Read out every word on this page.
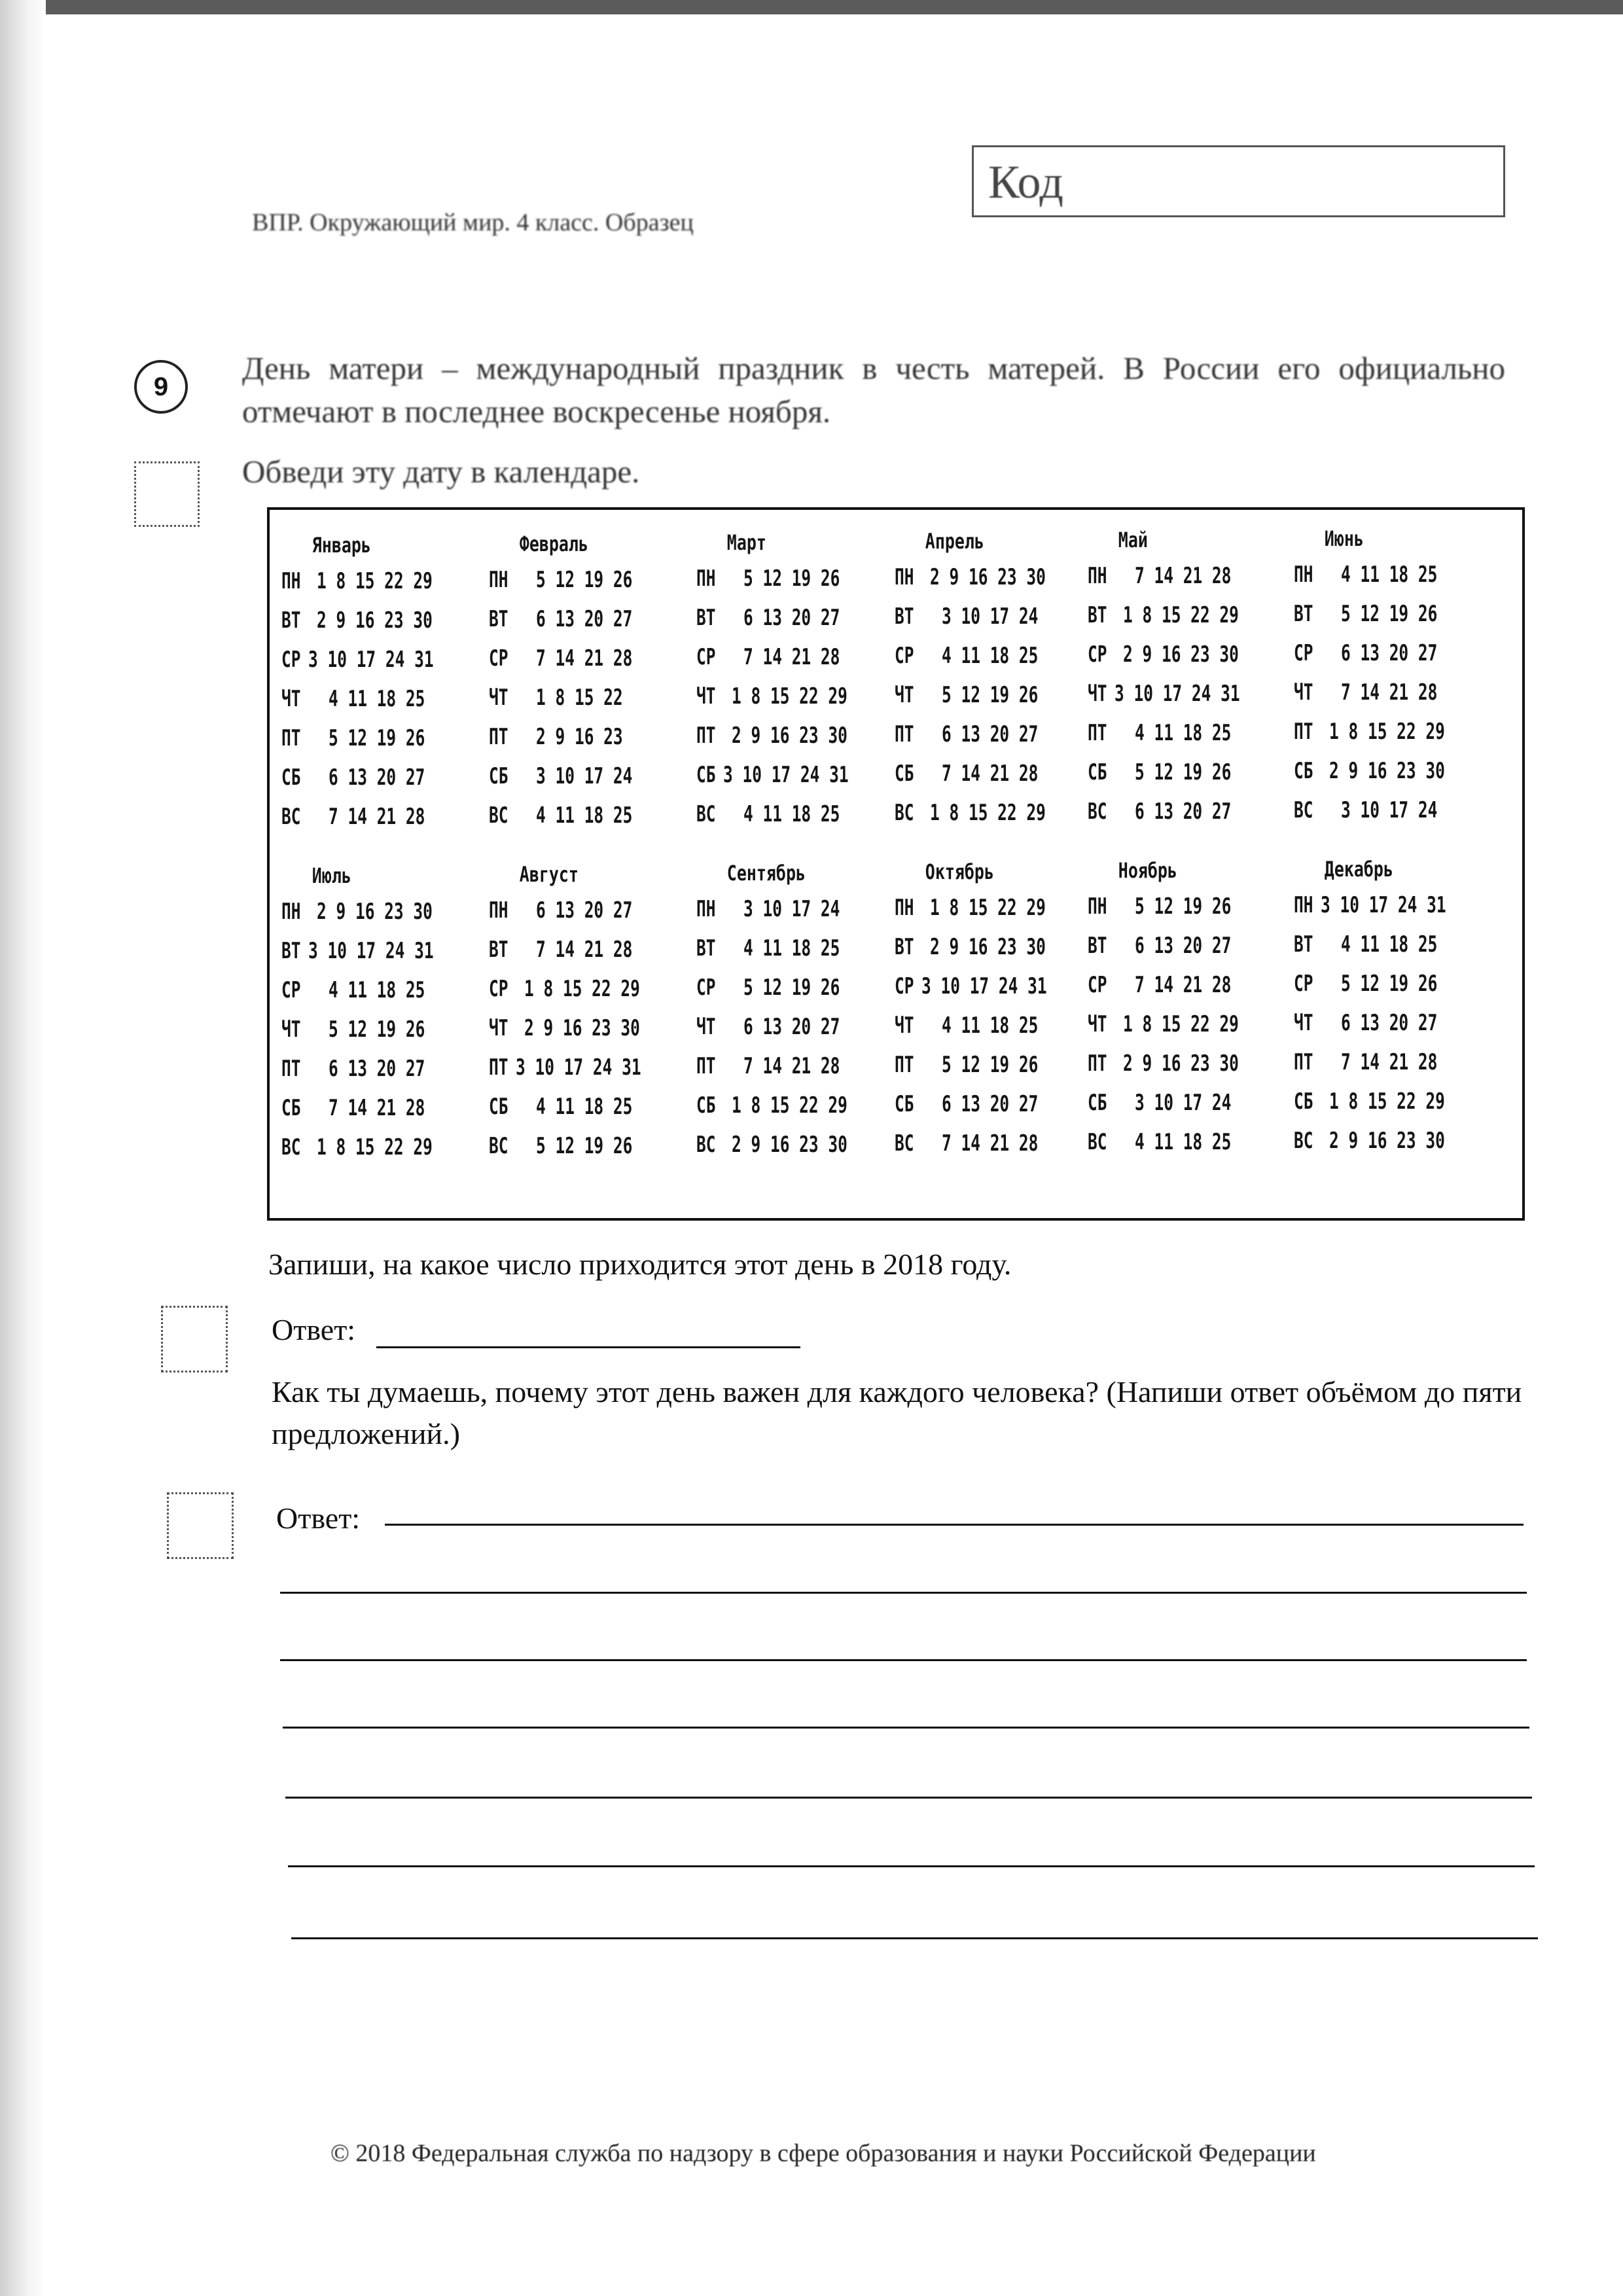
ВПР. Окружающий мир. 4 класс. Образец
Код
9
День матери – международный праздник в честь матерей. В России его официально отмечают в последнее воскресенье ноября.
Обведи эту дату в календаре.
Январь
ПН 1 8 15 22 29
ВТ 2 9 16 23 30
СР 3 10 17 24 31
ЧТ	4 11 18 25
ПТ	5 12 19 26
СБ	6 13 20 27
ВС	7 14 21 28
Февраль
ПН	5 12 19 26
ВТ	6 13 20 27
СР	7 14 21 28
ЧТ	1 8 15 22
ПТ	2 9 16 23
СБ	3 10 17 24
ВС	4 11 18 25
Март
ПН	5 12 19 26
ВТ	6 13 20 27
СР	7 14 21 28
ЧТ 1 8 15 22 29
ПТ 2 9 16 23 30
СБ 3 10 17 24 31
ВС	4 11 18 25
Апрель
ПН 2 9 16 23 30
ВТ	3 10 17 24
СР	4 11 18 25
ЧТ	5 12 19 26
ПТ	6 13 20 27
СБ	7 14 21 28
ВС 1 8 15 22 29
Май
ПН	7 14 21 28
ВТ 1 8 15 22 29
СР 2 9 16 23 30
ЧТ 3 10 17 24 31
ПТ	4 11 18 25
СБ	5 12 19 26
ВС	6 13 20 27
Июнь
ПН	4 11 18 25
ВТ	5 12 19 26
СР	6 13 20 27
ЧТ	7 14 21 28
ПТ 1 8 15 22 29
СБ 2 9 16 23 30
ВС	3 10 17 24
Июль
ПН 2 9 16 23 30
ВТ 3 10 17 24 31
СР	4 11 18 25
ЧТ	5 12 19 26
ПТ	6 13 20 27
СБ	7 14 21 28
ВС 1 8 15 22 29
Август
ПН	6 13 20 27
ВТ	7 14 21 28
СР 1 8 15 22 29
ЧТ 2 9 16 23 30
ПТ 3 10 17 24 31
СБ	4 11 18 25
ВС	5 12 19 26
Сентябрь
ПН	3 10 17 24
ВТ	4 11 18 25
СР	5 12 19 26
ЧТ	6 13 20 27
ПТ	7 14 21 28
СБ 1 8 15 22 29
ВС 2 9 16 23 30
Октябрь
ПН 1 8 15 22 29
ВТ 2 9 16 23 30
СР 3 10 17 24 31
ЧТ	4 11 18 25
ПТ	5 12 19 26
СБ	6 13 20 27
ВС	7 14 21 28
Ноябрь
ПН	5 12 19 26
ВТ	6 13 20 27
СР	7 14 21 28
ЧТ 1 8 15 22 29
ПТ 2 9 16 23 30
СБ	3 10 17 24
ВС	4 11 18 25
Декабрь
ПН 3 10 17 24 31
ВТ	4 11 18 25
СР	5 12 19 26
ЧТ	6 13 20 27
ПТ	7 14 21 28
СБ 1 8 15 22 29
ВС 2 9 16 23 30
Запиши, на какое число приходится этот день в 2018 году.
Ответ:
Как ты думаешь, почему этот день важен для каждого человека? (Напиши ответ объёмом до пяти предложений.)
Ответ:
© 2018 Федеральная служба по надзору в сфере образования и науки Российской Федерации
